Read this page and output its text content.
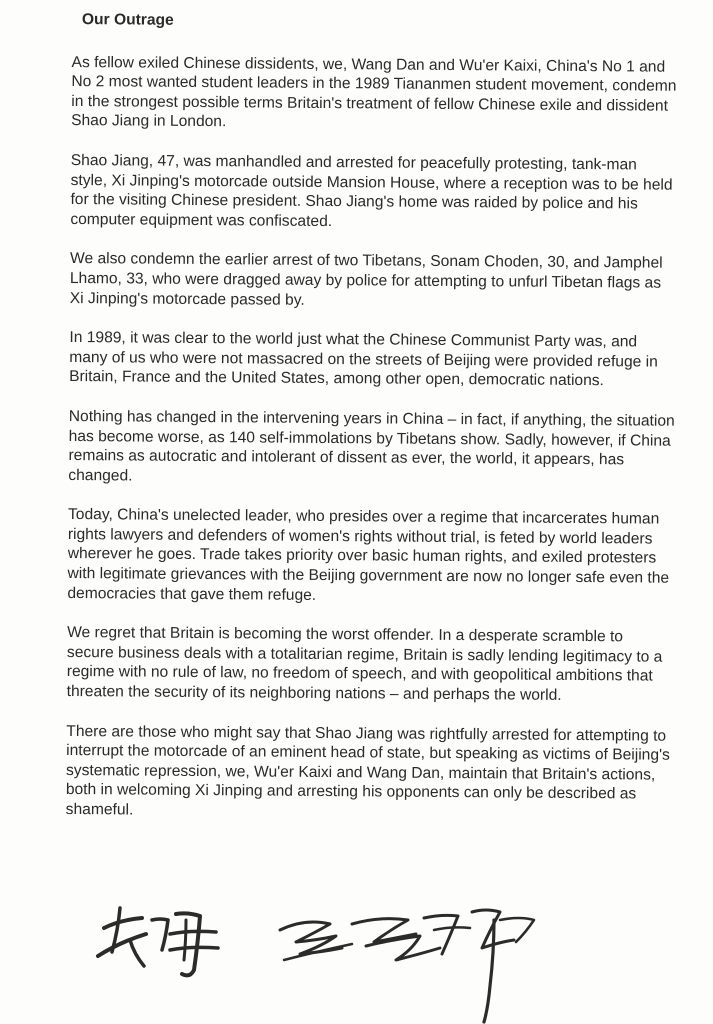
Our Outrage

As fellow exiled Chinese dissidents, we, Wang Dan and Wu'er Kaixi, China's No 1 and No 2 most wanted student leaders in the 1989 Tiananmen student movement, condemn in the strongest possible terms Britain's treatment of fellow Chinese exile and dissident Shao Jiang in London.

Shao Jiang, 47, was manhandled and arrested for peacefully protesting, tank-man style, Xi Jinping's motorcade outside Mansion House, where a reception was to be held for the visiting Chinese president. Shao Jiang's home was raided by police and his computer equipment was confiscated.

We also condemn the earlier arrest of two Tibetans, Sonam Choden, 30, and Jamphel Lhamo, 33, who were dragged away by police for attempting to unfurl Tibetan flags as Xi Jinping's motorcade passed by.

In 1989, it was clear to the world just what the Chinese Communist Party was, and many of us who were not massacred on the streets of Beijing were provided refuge in Britain, France and the United States, among other open, democratic nations.

Nothing has changed in the intervening years in China – in fact, if anything, the situation has become worse, as 140 self-immolations by Tibetans show. Sadly, however, if China remains as autocratic and intolerant of dissent as ever, the world, it appears, has changed.

Today, China's unelected leader, who presides over a regime that incarcerates human rights lawyers and defenders of women's rights without trial, is feted by world leaders wherever he goes. Trade takes priority over basic human rights, and exiled protesters with legitimate grievances with the Beijing government are now no longer safe even the democracies that gave them refuge.

We regret that Britain is becoming the worst offender. In a desperate scramble to secure business deals with a totalitarian regime, Britain is sadly lending legitimacy to a regime with no rule of law, no freedom of speech, and with geopolitical ambitions that threaten the security of its neighboring nations – and perhaps the world.

There are those who might say that Shao Jiang was rightfully arrested for attempting to interrupt the motorcade of an eminent head of state, but speaking as victims of Beijing's systematic repression, we, Wu'er Kaixi and Wang Dan, maintain that Britain's actions, both in welcoming Xi Jinping and arresting his opponents can only be described as shameful.
